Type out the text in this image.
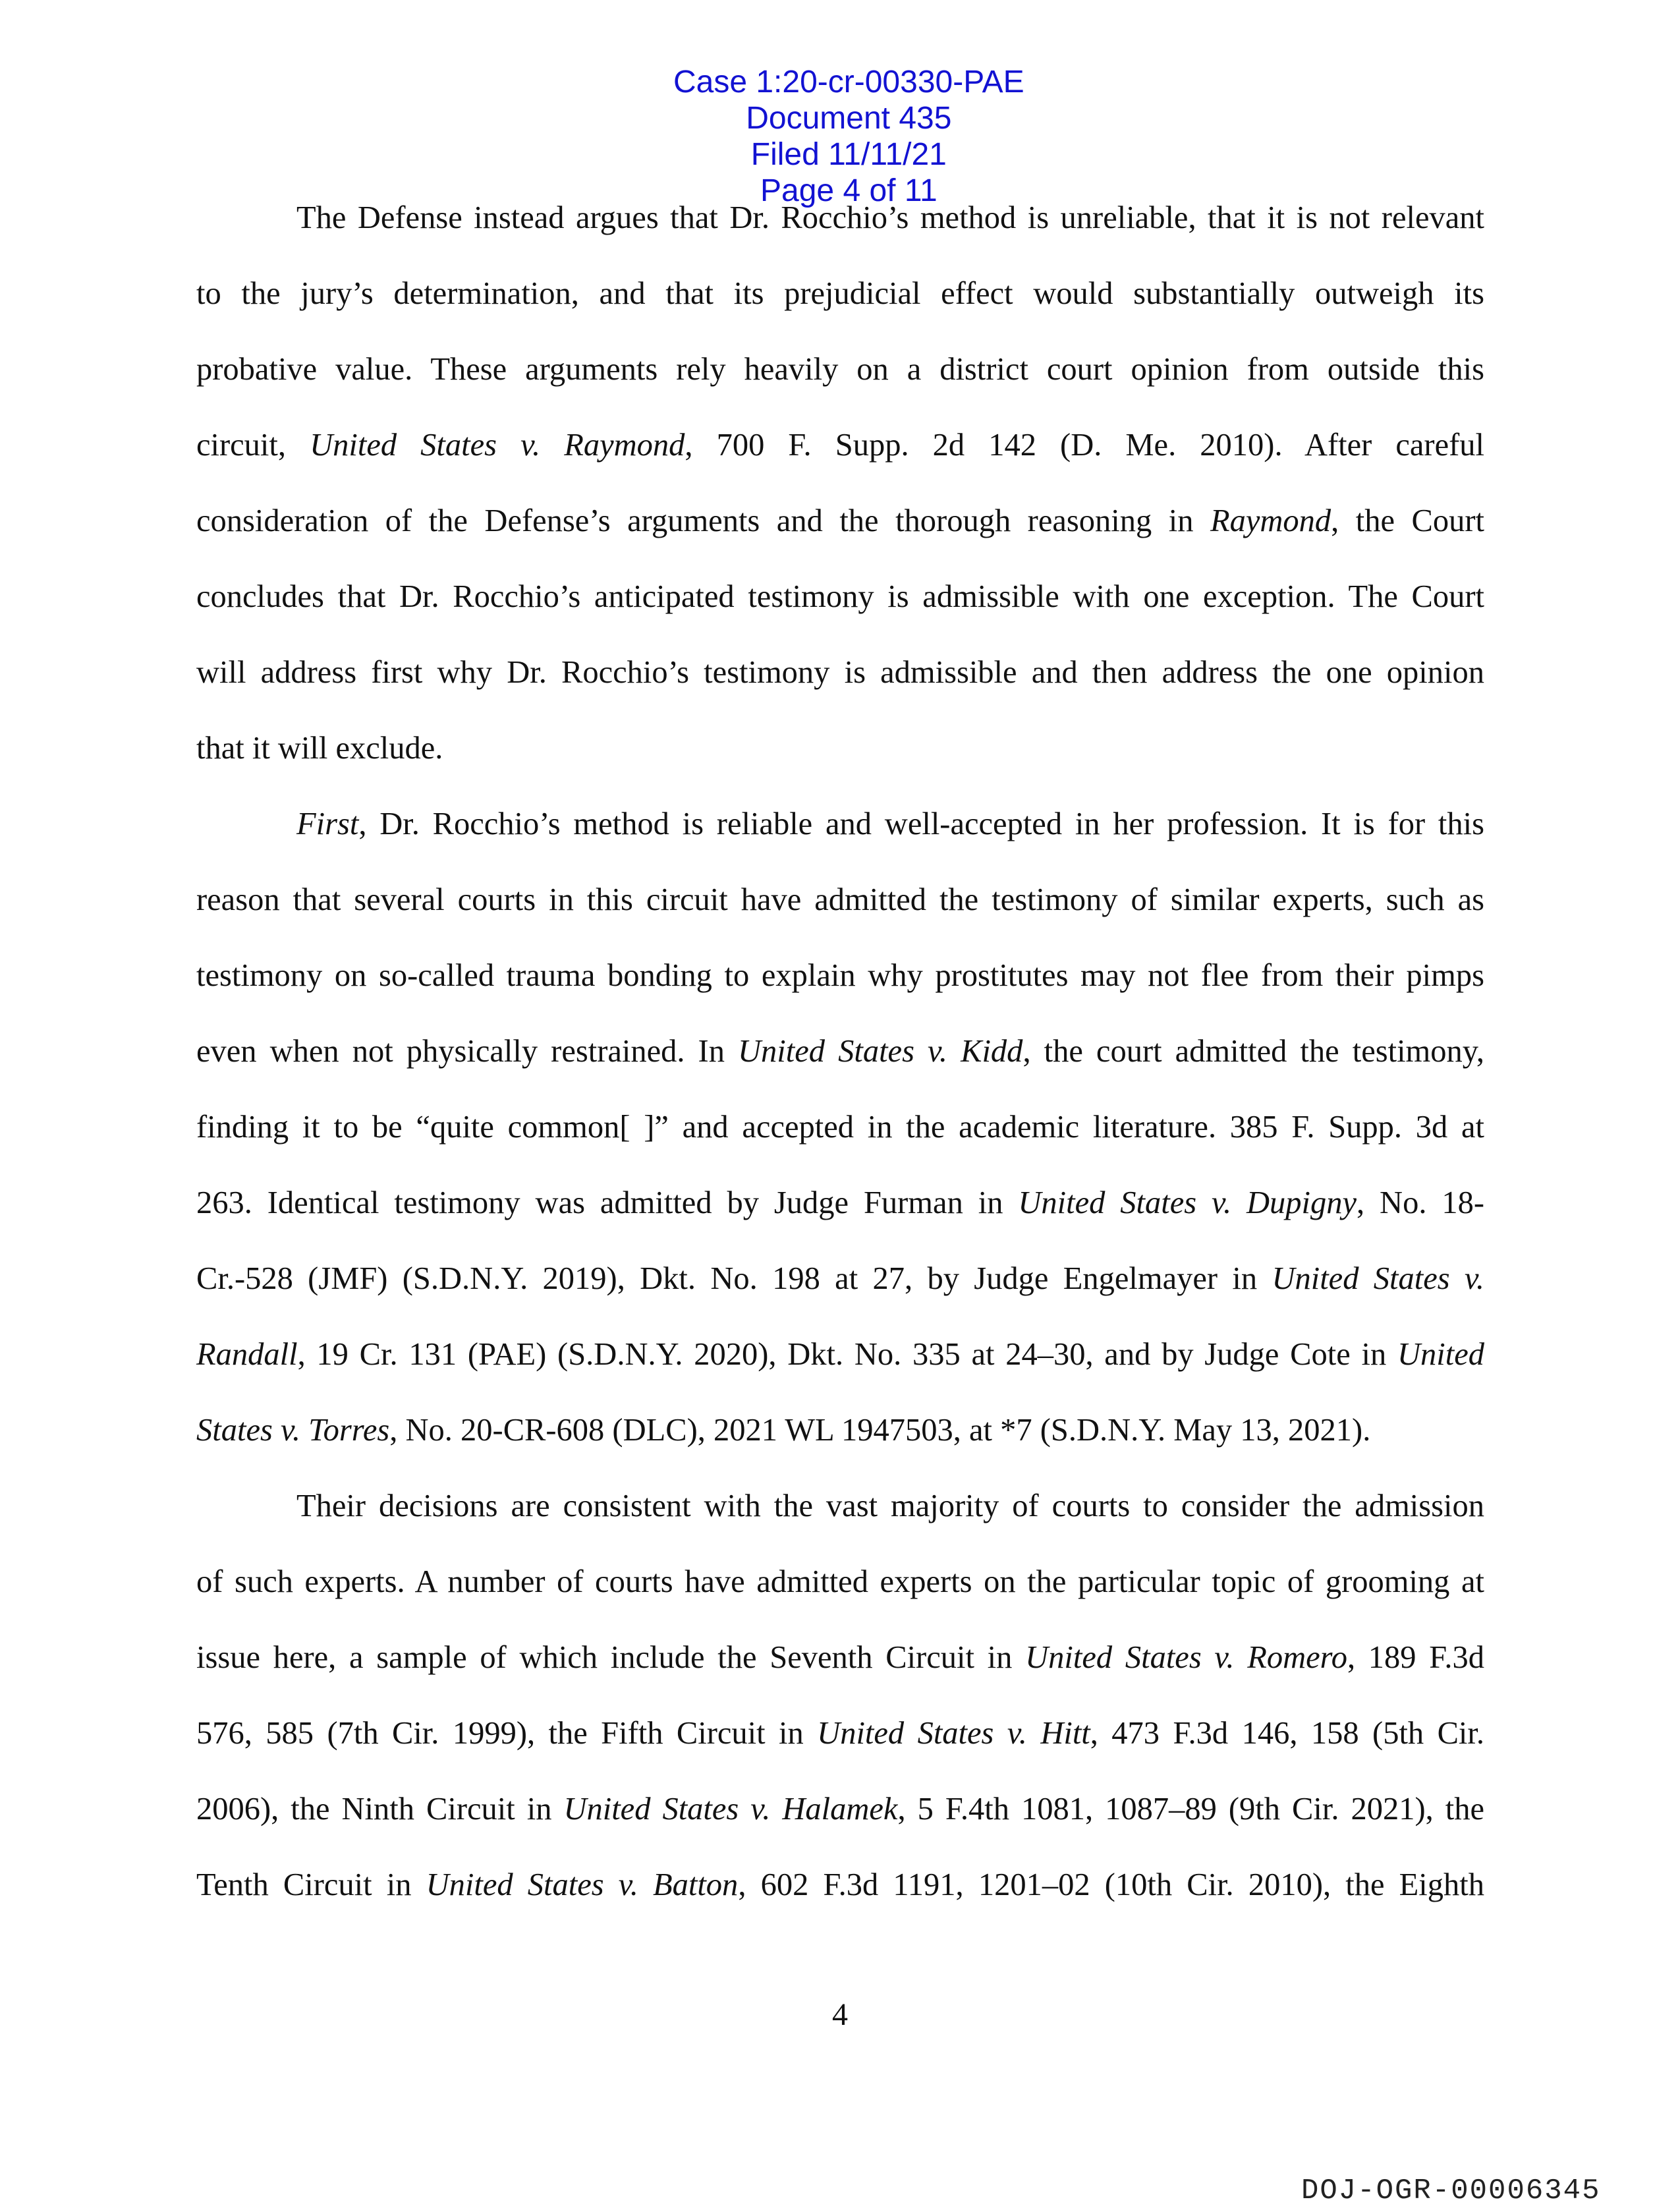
Case 1:20-cr-00330-PAE
Document 435
Filed 11/11/21
Page 4 of 11

The Defense instead argues that Dr. Rocchio’s method is unreliable, that it is not relevant
to the jury’s determination, and that its prejudicial effect would substantially outweigh its
probative value. These arguments rely heavily on a district court opinion from outside this
circuit, United States v. Raymond, 700 F. Supp. 2d 142 (D. Me. 2010). After careful
consideration of the Defense’s arguments and the thorough reasoning in Raymond, the Court
concludes that Dr. Rocchio’s anticipated testimony is admissible with one exception. The Court
will address first why Dr. Rocchio’s testimony is admissible and then address the one opinion
that it will exclude.
First, Dr. Rocchio’s method is reliable and well-accepted in her profession. It is for this
reason that several courts in this circuit have admitted the testimony of similar experts, such as
testimony on so-called trauma bonding to explain why prostitutes may not flee from their pimps
even when not physically restrained. In United States v. Kidd, the court admitted the testimony,
finding it to be “quite common[ ]” and accepted in the academic literature. 385 F. Supp. 3d at
263. Identical testimony was admitted by Judge Furman in United States v. Dupigny, No. 18-
Cr.-528 (JMF) (S.D.N.Y. 2019), Dkt. No. 198 at 27, by Judge Engelmayer in United States v.
Randall, 19 Cr. 131 (PAE) (S.D.N.Y. 2020), Dkt. No. 335 at 24–30, and by Judge Cote in United
States v. Torres, No. 20-CR-608 (DLC), 2021 WL 1947503, at *7 (S.D.N.Y. May 13, 2021).
Their decisions are consistent with the vast majority of courts to consider the admission
of such experts. A number of courts have admitted experts on the particular topic of grooming at
issue here, a sample of which include the Seventh Circuit in United States v. Romero, 189 F.3d
576, 585 (7th Cir. 1999), the Fifth Circuit in United States v. Hitt, 473 F.3d 146, 158 (5th Cir.
2006), the Ninth Circuit in United States v. Halamek, 5 F.4th 1081, 1087–89 (9th Cir. 2021), the
Tenth Circuit in United States v. Batton, 602 F.3d 1191, 1201–02 (10th Cir. 2010), the Eighth
4
DOJ-OGR-00006345
